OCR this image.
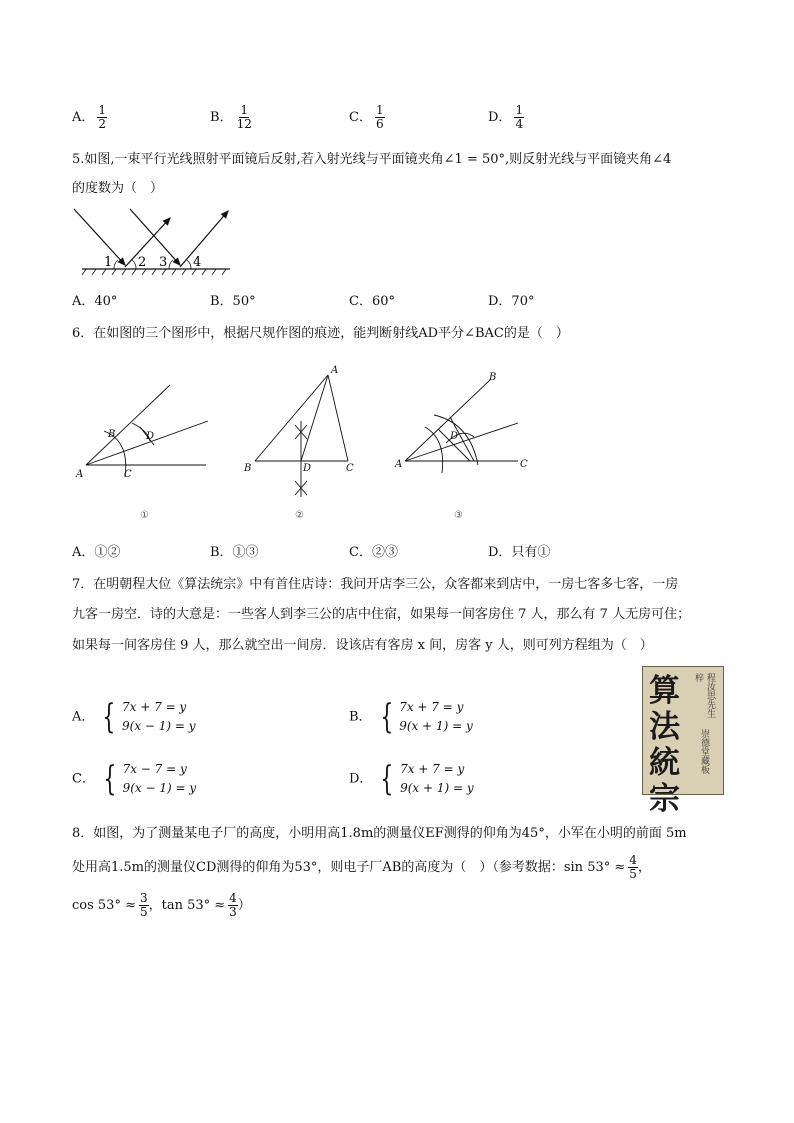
A． $\frac{1}{2}$	B． $\frac{1}{12}$	C． $\frac{1}{6}$	D． $\frac{1}{4}$
5.如图,一束平行光线照射平面镜后反射,若入射光线与平面镜夹角∠1 = 50°,则反射光线与平面镜夹角∠4
的度数为（　）
1 2 3 4
A．40°	B．50°	C．60°	D．70°
6．在如图的三个图形中，根据尺规作图的痕迹，能判断射线AD平分∠BAC的是（　）
A
B
C
D
A
B	C
D	A
B
C
D
①	②	③
A．①②	B．①③	C．②③	D．只有①
7．在明朝程大位《算法统宗》中有首住店诗：我问开店李三公，众客都来到店中，一房七客多七客，一房
九客一房空．诗的大意是：一些客人到李三公的店中住宿，如果每一间客房住 7 人，那么有 7 人无房可住；
如果每一间客房住 9 人，那么就空出一间房．设该店有客房 x 间，房客 y 人，则可列方程组为（　）
A． { 7x + 7 = y
9(x − 1) = y
B． { 7x + 7 = y
9(x + 1) = y
C． { 7x − 7 = y
9(x − 1) = y
D． { 7x + 7 = y
9(x + 1) = y
算法統宗
程汝思先生
梓
崇德堂藏板
8．如图，为了测量某电子厂的高度，小明用高1.8m的测量仪EF测得的仰角为45°，小军在小明的前面 5m
处用高1.5m的测量仪CD测得的仰角为53°，则电子厂AB的高度为（　）（参考数据：$\sin 53^\circ \approx \frac{4}{5}$ ，
$\cos 53^\circ \approx \frac{3}{5}$ ，$\tan 53^\circ \approx \frac{4}{3}$ ）
